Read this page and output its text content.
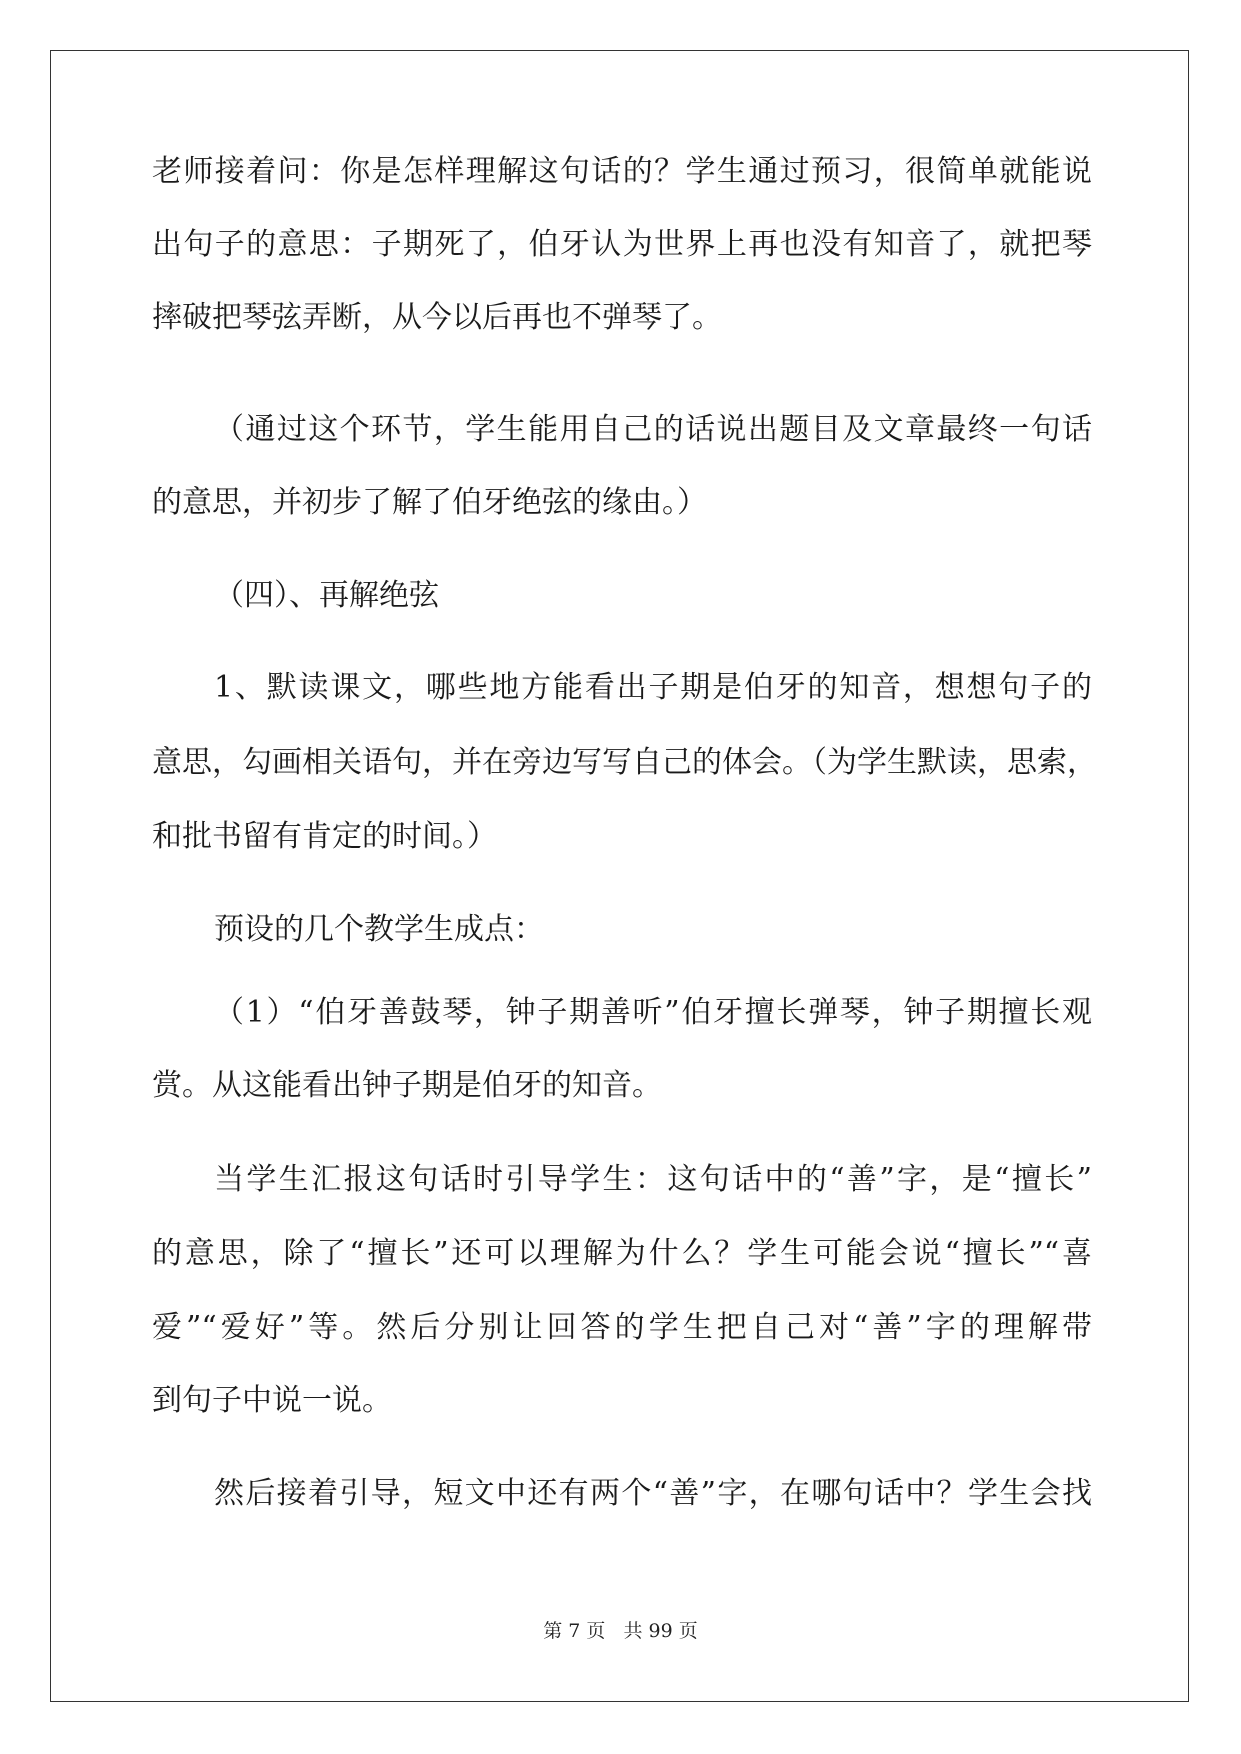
老师接着问：你是怎样理解这句话的？学生通过预习，很简单就能说
出句子的意思：子期死了，伯牙认为世界上再也没有知音了，就把琴
摔破把琴弦弄断，从今以后再也不弹琴了。
（通过这个环节，学生能用自己的话说出题目及文章最终一句话
的意思，并初步了解了伯牙绝弦的缘由。）
（四）、再解绝弦
1、默读课文，哪些地方能看出子期是伯牙的知音，想想句子的
意思，勾画相关语句，并在旁边写写自己的体会。（为学生默读，思索，
和批书留有肯定的时间。）
预设的几个教学生成点：
（1）“伯牙善鼓琴，钟子期善听”伯牙擅长弹琴，钟子期擅长观
赏。从这能看出钟子期是伯牙的知音。
当学生汇报这句话时引导学生：这句话中的“善”字，是“擅长”
的意思，除了“擅长”还可以理解为什么？学生可能会说“擅长”“喜
爱”“爱好”等。然后分别让回答的学生把自己对“善”字的理解带
到句子中说一说。
然后接着引导，短文中还有两个“善”字，在哪句话中？学生会找
第 7 页 共 99 页
